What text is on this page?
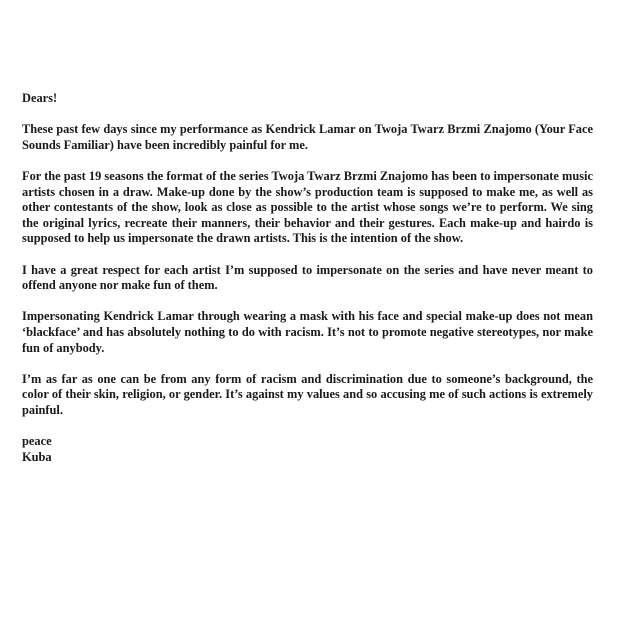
Dears!

These past few days since my performance as Kendrick Lamar on Twoja Twarz Brzmi Znajomo (Your Face Sounds Familiar) have been incredibly painful for me.

For the past 19 seasons the format of the series Twoja Twarz Brzmi Znajomo has been to impersonate music artists chosen in a draw. Make-up done by the show’s production team is supposed to make me, as well as other contestants of the show, look as close as possible to the artist whose songs we’re to perform. We sing the original lyrics, recreate their manners, their behavior and their gestures. Each make-up and hairdo is supposed to help us impersonate the drawn artists. This is the intention of the show.

I have a great respect for each artist I’m supposed to impersonate on the series and have never meant to offend anyone nor make fun of them.

Impersonating Kendrick Lamar through wearing a mask with his face and special make-up does not mean ‘blackface’ and has absolutely nothing to do with racism. It’s not to promote negative stereotypes, nor make fun of anybody.

I’m as far as one can be from any form of racism and discrimination due to someone’s background, the color of their skin, religion, or gender. It’s against my values and so accusing me of such actions is extremely painful.

peace
Kuba
